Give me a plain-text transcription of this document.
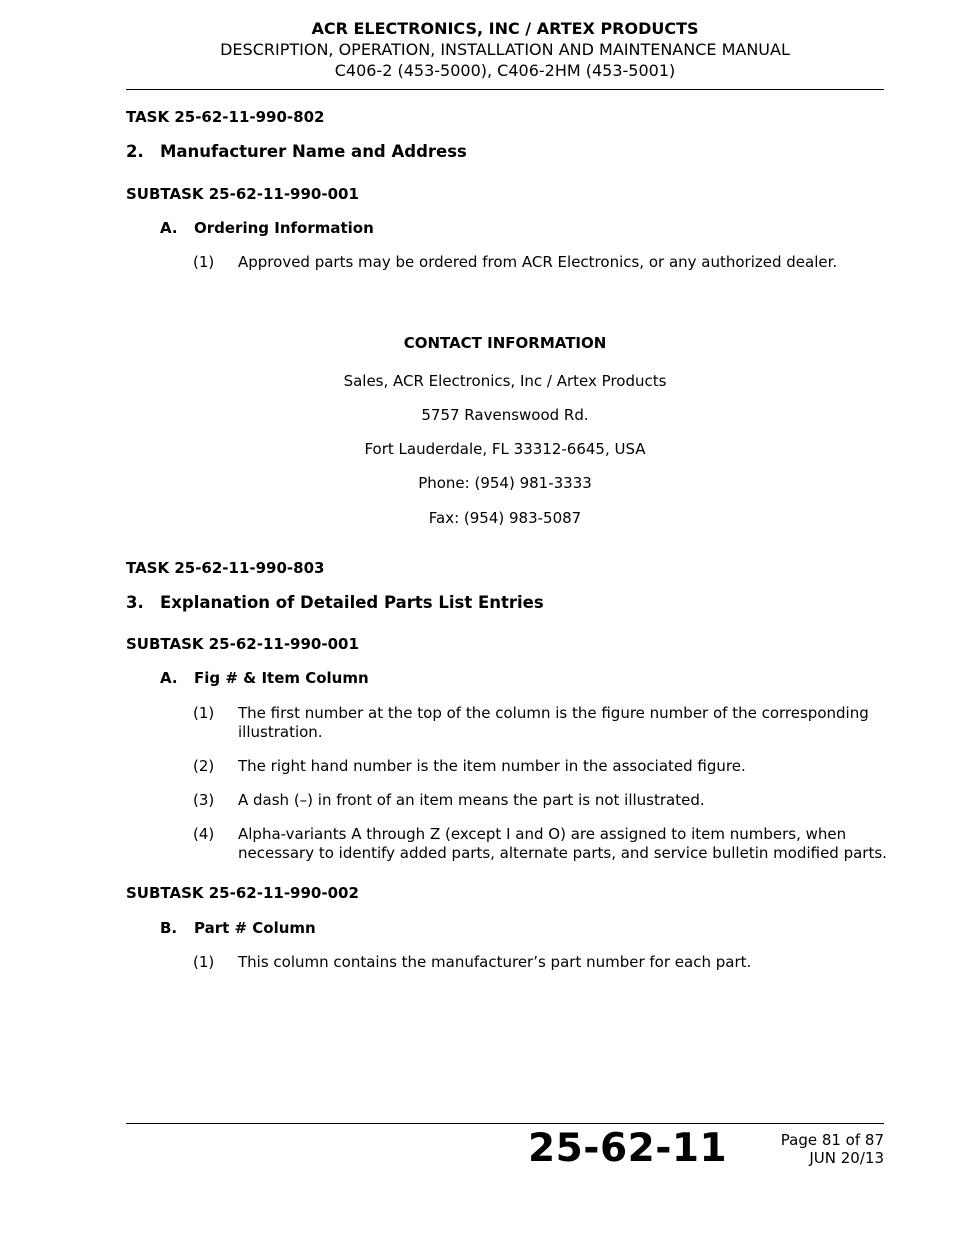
ACR ELECTRONICS, INC / ARTEX PRODUCTS
DESCRIPTION, OPERATION, INSTALLATION AND MAINTENANCE MANUAL
C406-2 (453-5000), C406-2HM (453-5001)
TASK 25-62-11-990-802
2. Manufacturer Name and Address
SUBTASK 25-62-11-990-001
A. Ordering Information
(1) Approved parts may be ordered from ACR Electronics, or any authorized dealer.
CONTACT INFORMATION
Sales, ACR Electronics, Inc / Artex Products
5757 Ravenswood Rd.
Fort Lauderdale, FL 33312-6645, USA
Phone: (954) 981-3333
Fax: (954) 983-5087
TASK 25-62-11-990-803
3. Explanation of Detailed Parts List Entries
SUBTASK 25-62-11-990-001
A. Fig # & Item Column
(1) The first number at the top of the column is the figure number of the corresponding illustration.
(2) The right hand number is the item number in the associated figure.
(3) A dash (–) in front of an item means the part is not illustrated.
(4) Alpha-variants A through Z (except I and O) are assigned to item numbers, when necessary to identify added parts, alternate parts, and service bulletin modified parts.
SUBTASK 25-62-11-990-002
B. Part # Column
(1) This column contains the manufacturer’s part number for each part.
25-62-11	Page 81 of 87
JUN 20/13
